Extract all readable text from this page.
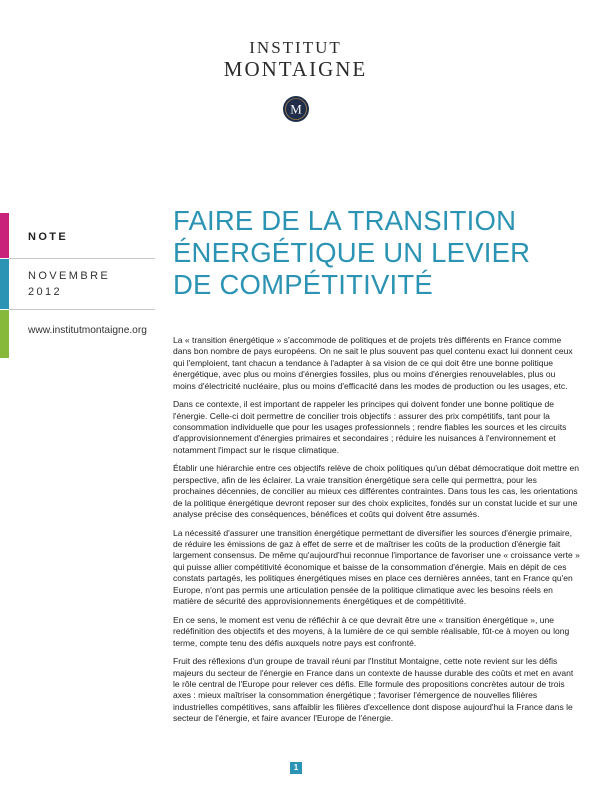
INSTITUT
MONTAIGNE
M
NOTE
NOVEMBRE
2012
www.institutmontaigne.org
FAIRE DE LA TRANSITION
ÉNERGÉTIQUE UN LEVIER
DE COMPÉTITIVITÉ

La « transition énergétique » s'accommode de politiques et de projets très différents en France comme dans bon nombre de pays européens. On ne sait le plus souvent pas quel contenu exact lui donnent ceux qui l'emploient, tant chacun a tendance à l'adapter à sa vision de ce qui doit être une bonne politique énergétique, avec plus ou moins d'énergies fossiles, plus ou moins d'énergies renouvelables, plus ou moins d'électricité nucléaire, plus ou moins d'efficacité dans les modes de production ou les usages, etc.

Dans ce contexte, il est important de rappeler les principes qui doivent fonder une bonne politique de l'énergie. Celle-ci doit permettre de concilier trois objectifs : assurer des prix compétitifs, tant pour la consommation individuelle que pour les usages professionnels ; rendre fiables les sources et les circuits d'approvisionnement d'énergies primaires et secondaires ; réduire les nuisances à l'environnement et notamment l'impact sur le risque climatique.

Établir une hiérarchie entre ces objectifs relève de choix politiques qu'un débat démocratique doit mettre en perspective, afin de les éclairer. La vraie transition énergétique sera celle qui permettra, pour les prochaines décennies, de concilier au mieux ces différentes contraintes. Dans tous les cas, les orientations de la politique énergétique devront reposer sur des choix explicites, fondés sur un constat lucide et sur une analyse précise des conséquences, bénéfices et coûts qui doivent être assumés.

La nécessité d'assurer une transition énergétique permettant de diversifier les sources d'énergie primaire, de réduire les émissions de gaz à effet de serre et de maîtriser les coûts de la production d'énergie fait largement consensus. De même qu'aujourd'hui reconnue l'importance de favoriser une « croissance verte » qui puisse allier compétitivité économique et baisse de la consommation d'énergie. Mais en dépit de ces constats partagés, les politiques énergétiques mises en place ces dernières années, tant en France qu'en Europe, n'ont pas permis une articulation pensée de la politique climatique avec les besoins réels en matière de sécurité des approvisionnements énergétiques et de compétitivité.

En ce sens, le moment est venu de réfléchir à ce que devrait être une « transition énergétique », une redéfinition des objectifs et des moyens, à la lumière de ce qui semble réalisable, fût-ce à moyen ou long terme, compte tenu des défis auxquels notre pays est confronté.

Fruit des réflexions d'un groupe de travail réuni par l'Institut Montaigne, cette note revient sur les défis majeurs du secteur de l'énergie en France dans un contexte de hausse durable des coûts et met en avant le rôle central de l'Europe pour relever ces défis. Elle formule des propositions concrètes autour de trois axes : mieux maîtriser la consommation énergétique ; favoriser l'émergence de nouvelles filières industrielles compétitives, sans affaiblir les filières d'excellence dont dispose aujourd'hui la France dans le secteur de l'énergie, et faire avancer l'Europe de l'énergie.

1
